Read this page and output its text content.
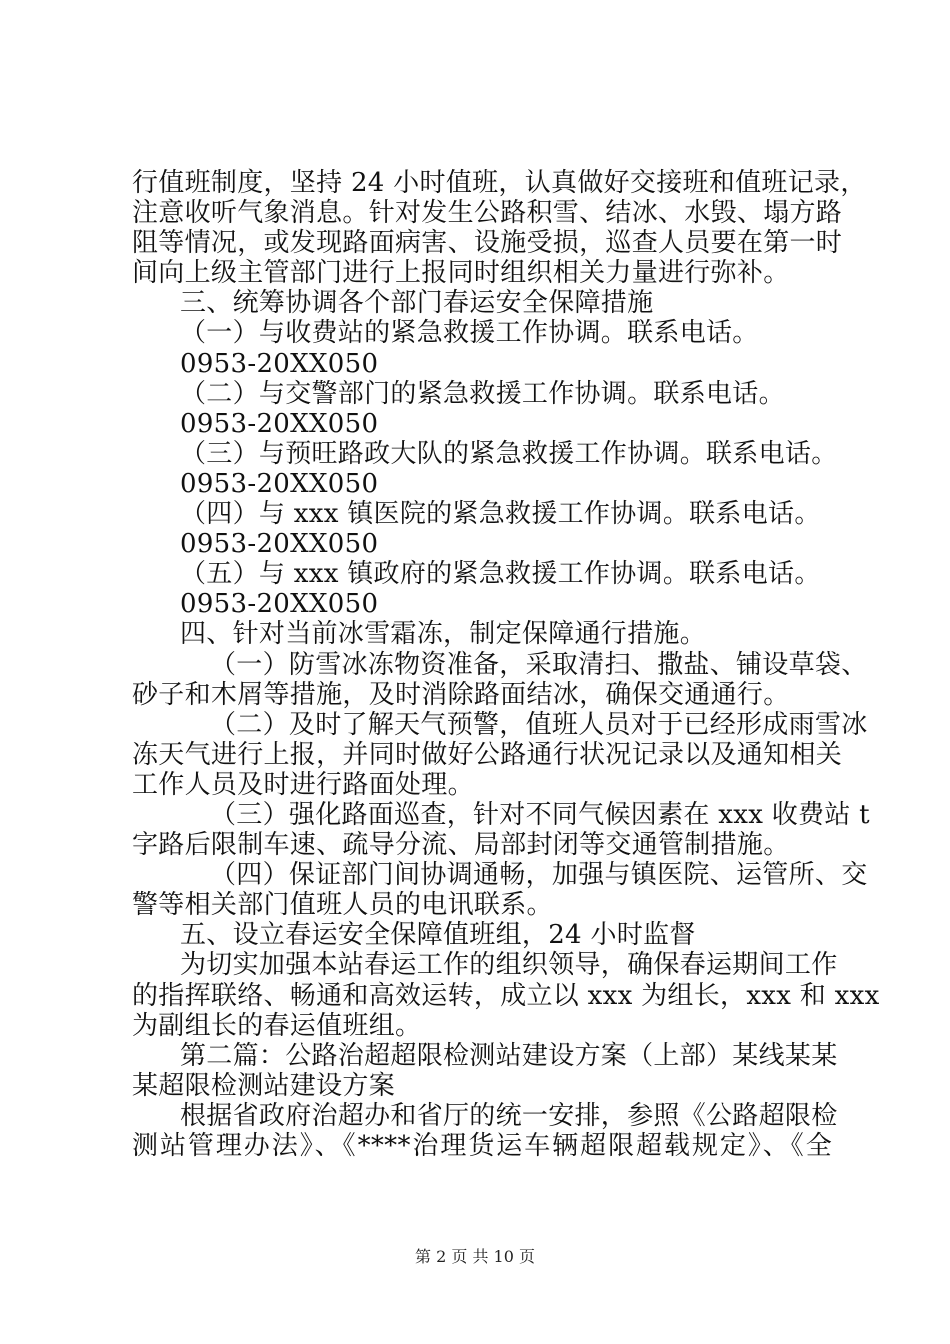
行值班制度，坚持 24 小时值班，认真做好交接班和值班记录，
注意收听气象消息。针对发生公路积雪、结冰、水毁、塌方路
阻等情况，或发现路面病害、设施受损，巡查人员要在第一时
间向上级主管部门进行上报同时组织相关力量进行弥补。
三、统筹协调各个部门春运安全保障措施
（一）与收费站的紧急救援工作协调。联系电话。
0953-20XX050
（二）与交警部门的紧急救援工作协调。联系电话。
0953-20XX050
（三）与预旺路政大队的紧急救援工作协调。联系电话。
0953-20XX050
（四）与 xxx 镇医院的紧急救援工作协调。联系电话。
0953-20XX050
（五）与 xxx 镇政府的紧急救援工作协调。联系电话。
0953-20XX050
四、针对当前冰雪霜冻，制定保障通行措施。
（一）防雪冰冻物资准备，采取清扫、撒盐、铺设草袋、
砂子和木屑等措施，及时消除路面结冰，确保交通通行。
（二）及时了解天气预警，值班人员对于已经形成雨雪冰
冻天气进行上报，并同时做好公路通行状况记录以及通知相关
工作人员及时进行路面处理。
（三）强化路面巡查，针对不同气候因素在 xxx 收费站 t
字路后限制车速、疏导分流、局部封闭等交通管制措施。
（四）保证部门间协调通畅，加强与镇医院、运管所、交
警等相关部门值班人员的电讯联系。
五、设立春运安全保障值班组，24 小时监督
为切实加强本站春运工作的组织领导，确保春运期间工作
的指挥联络、畅通和高效运转，成立以 xxx 为组长，xxx 和 xxx
为副组长的春运值班组。
第二篇：公路治超超限检测站建设方案（上部）某线某某
某超限检测站建设方案
根据省政府治超办和省厅的统一安排，参照《公路超限检
测站管理办法》、《****治理货运车辆超限超载规定》、《全
第 2 页 共 10 页
